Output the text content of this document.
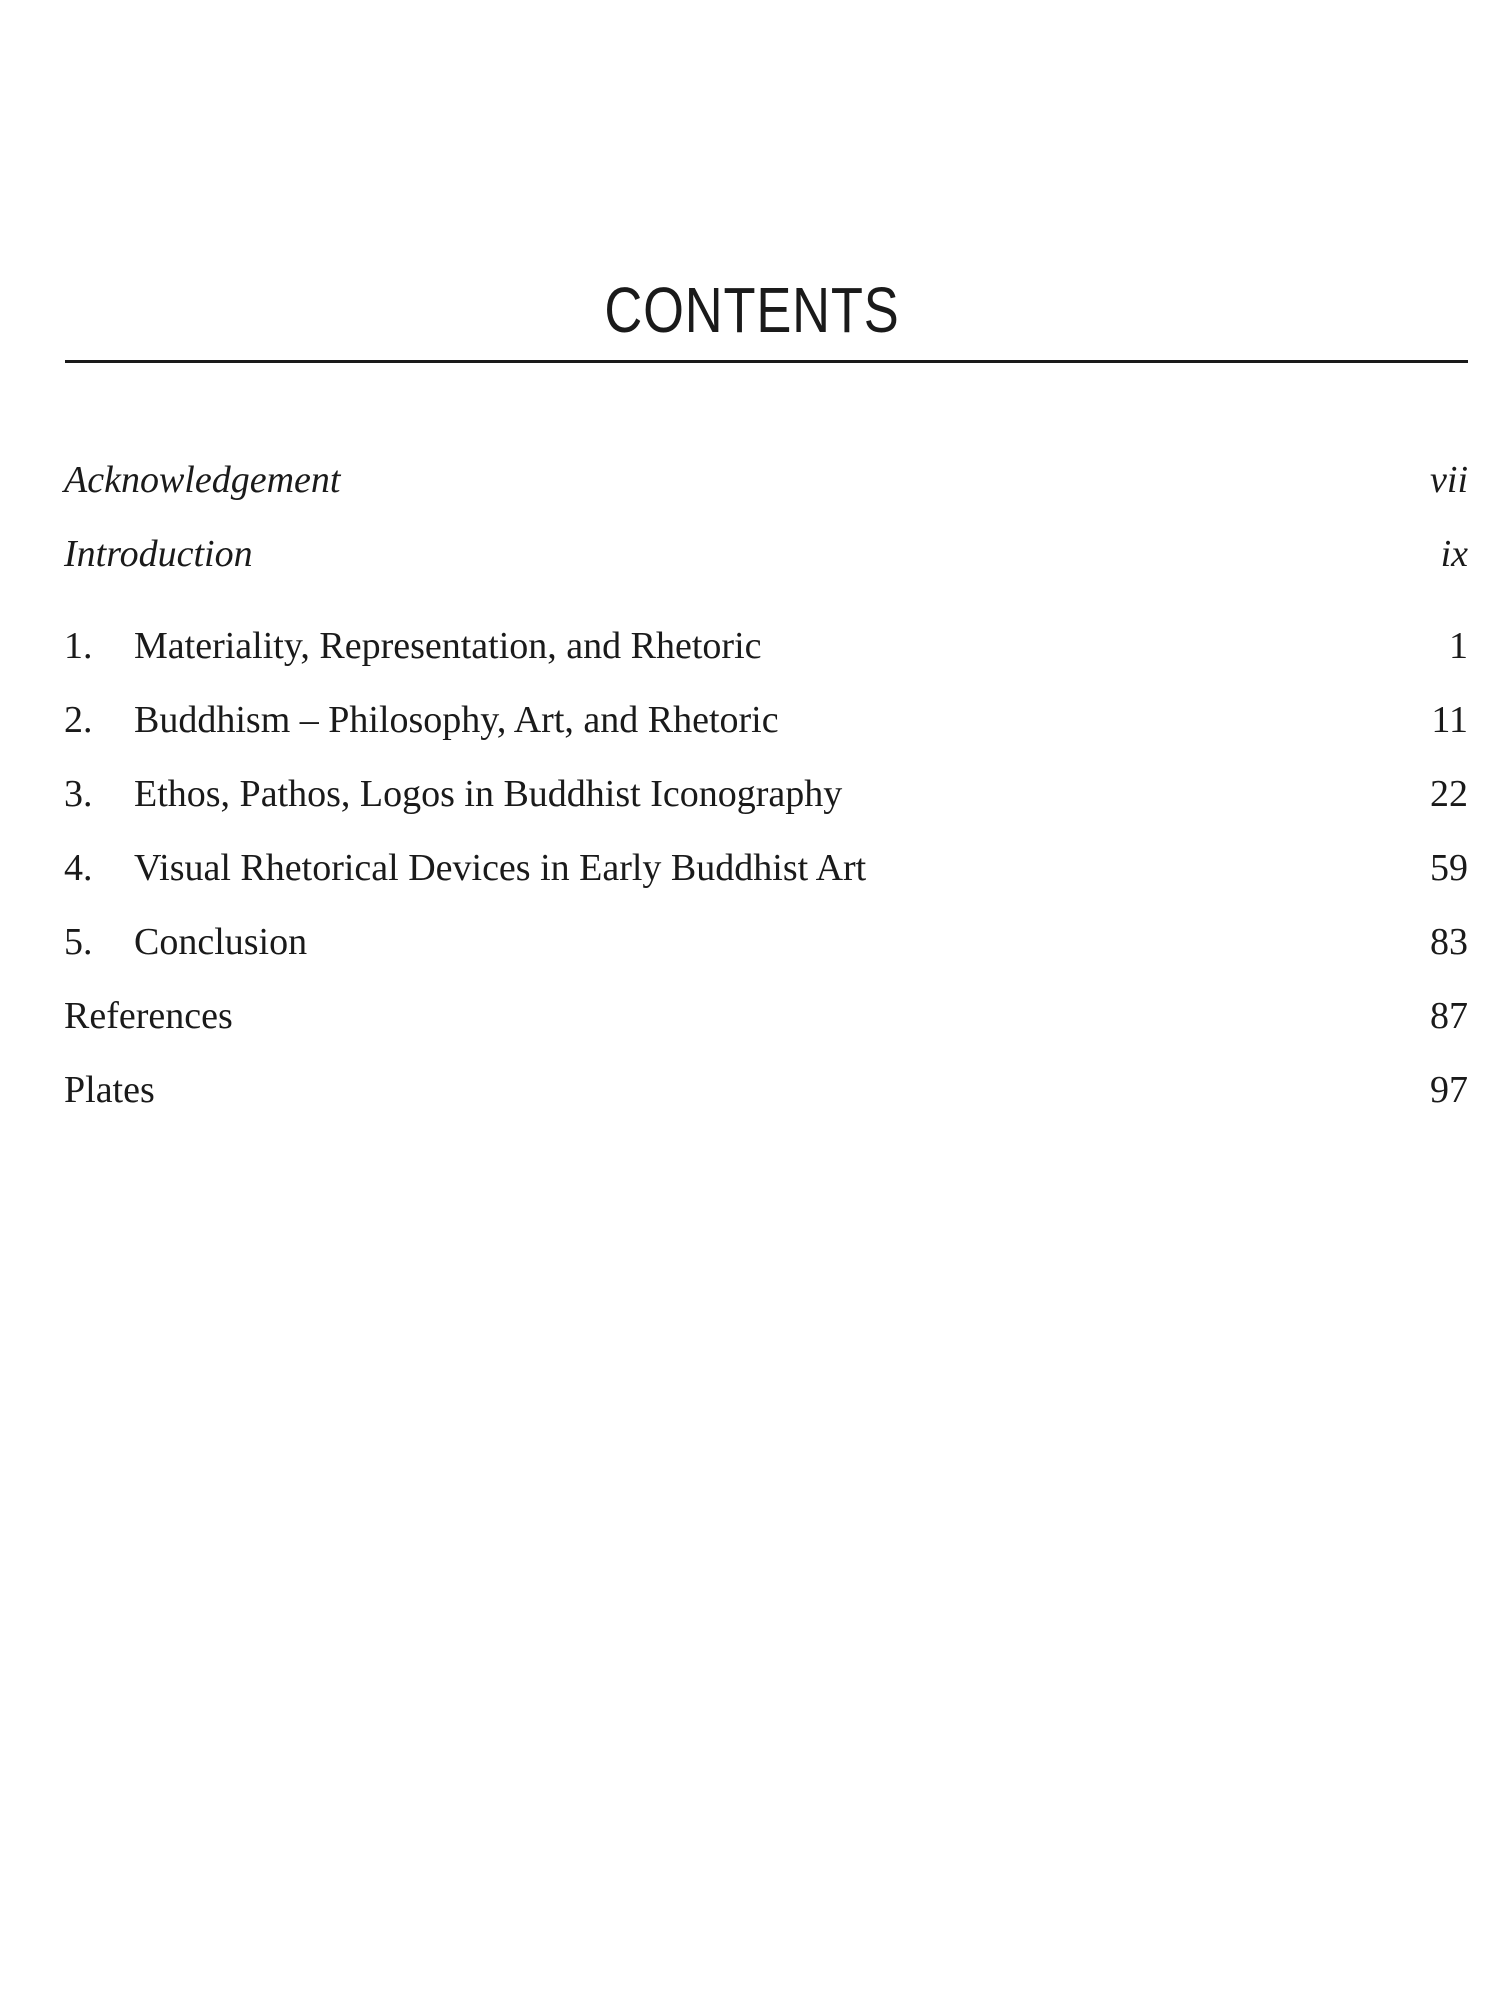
CONTENTS
Acknowledgement	vii
Introduction	ix
1. Materiality, Representation, and Rhetoric	1
2. Buddhism – Philosophy, Art, and Rhetoric	11
3. Ethos, Pathos, Logos in Buddhist Iconography	22
4. Visual Rhetorical Devices in Early Buddhist Art	59
5. Conclusion	83
References	87
Plates	97
